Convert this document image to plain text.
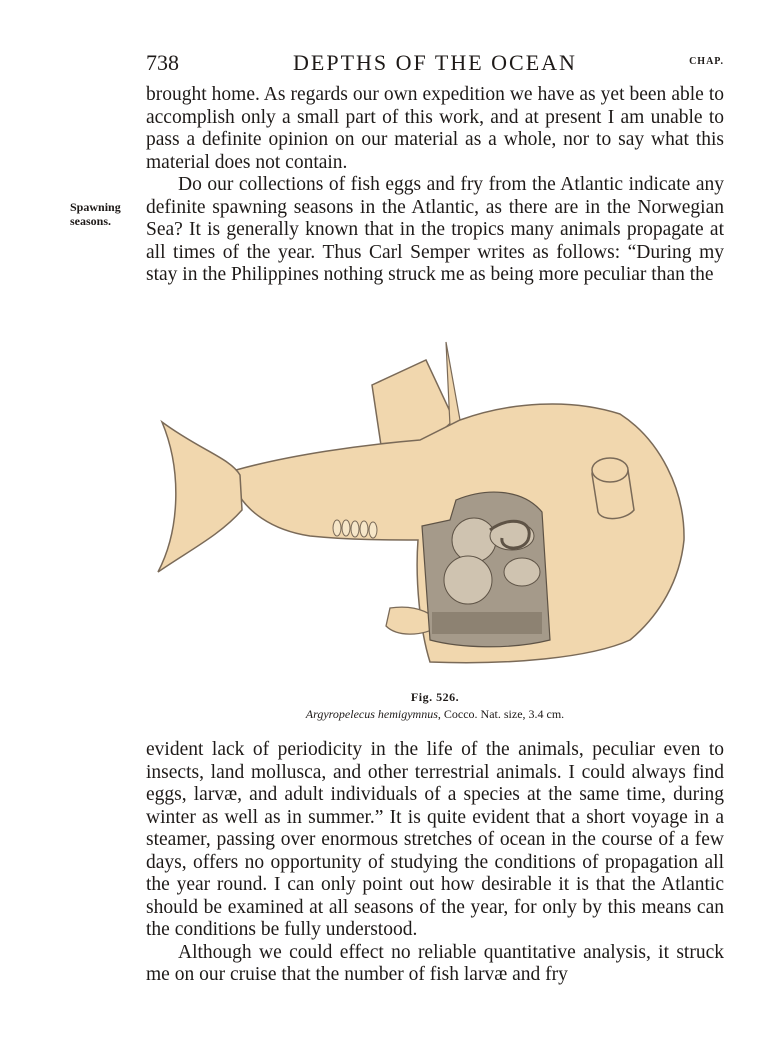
738	DEPTHS OF THE OCEAN	CHAP.
Spawning seasons.

brought home. As regards our own expedition we have as yet been able to accomplish only a small part of this work, and at present I am unable to pass a definite opinion on our material as a whole, nor to say what this material does not contain.

Do our collections of fish eggs and fry from the Atlantic indicate any definite spawning seasons in the Atlantic, as there are in the Norwegian Sea? It is generally known that in the tropics many animals propagate at all times of the year. Thus Carl Semper writes as follows: “During my stay in the Philippines nothing struck me as being more peculiar than the

Fig. 526.
Argyropelecus hemigymnus, Cocco. Nat. size, 3.4 cm.

evident lack of periodicity in the life of the animals, peculiar even to insects, land mollusca, and other terrestrial animals. I could always find eggs, larvæ, and adult individuals of a species at the same time, during winter as well as in summer.” It is quite evident that a short voyage in a steamer, passing over enormous stretches of ocean in the course of a few days, offers no opportunity of studying the conditions of propagation all the year round. I can only point out how desirable it is that the Atlantic should be examined at all seasons of the year, for only by this means can the conditions be fully understood.

Although we could effect no reliable quantitative analysis, it struck me on our cruise that the number of fish larvæ and fry
